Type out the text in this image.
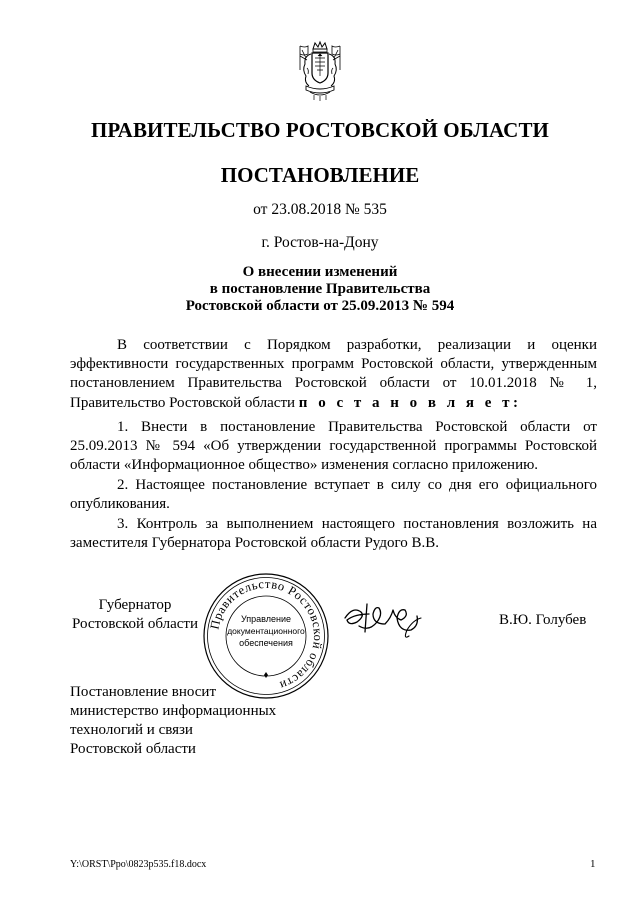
ПРАВИТЕЛЬСТВО РОСТОВСКОЙ ОБЛАСТИ
ПОСТАНОВЛЕНИЕ
от 23.08.2018 № 535
г. Ростов-на-Дону
О внесении изменений
в постановление Правительства
Ростовской области от 25.09.2013 № 594
В соответствии с Порядком разработки, реализации и оценки эффективности государственных программ Ростовской области, утвержденным постановлением Правительства Ростовской области от 10.01.2018 № 1, Правительство Ростовской области п о с т а н о в л я е т:
1. Внести в постановление Правительства Ростовской области от 25.09.2013 № 594 «Об утверждении государственной программы Ростовской области «Информационное общество» изменения согласно приложению.
2. Настоящее постановление вступает в силу со дня его официального опубликования.
3. Контроль за выполнением настоящего постановления возложить на заместителя Губернатора Ростовской области Рудого В.В.
Губернатор
Ростовской области Правительство Ростовской области
Управление
документационного
обеспечения
В.Ю. Голубев
Постановление вносит
министерство информационных
технологий и связи
Ростовской области
Y:\ORST\Ppo\0823p535.f18.docx	1
